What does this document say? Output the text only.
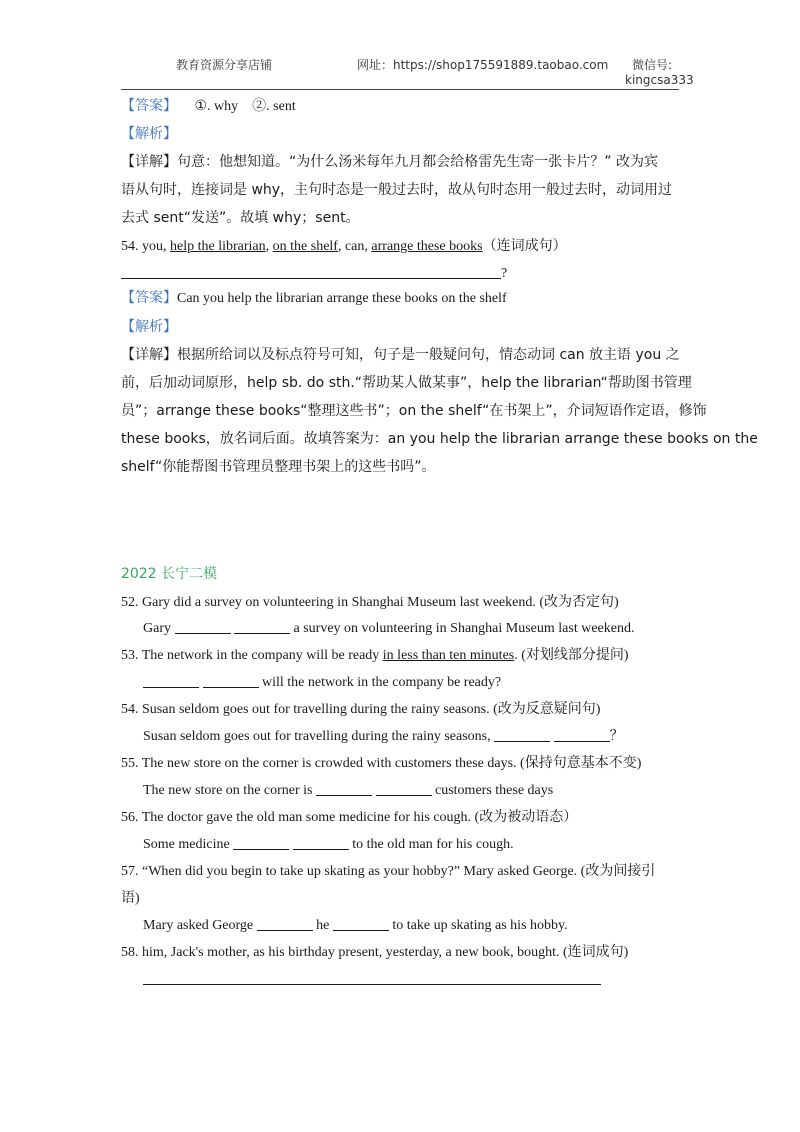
教育资源分享店铺	网址：https://shop175591889.taobao.com 微信号:
kingcsa333
【答案】 ①. why　②. sent
【解析】
【详解】句意：他想知道。“为什么汤米每年九月都会给格雷先生寄一张卡片？” 改为宾
语从句时，连接词是 why，主句时态是一般过去时，故从句时态用一般过去时，动词用过
去式 sent“发送”。故填 why；sent。
54. you, help the librarian, on the shelf, can, arrange these books（连词成句）
?
【答案】Can you help the librarian arrange these books on the shelf
【解析】
【详解】根据所给词以及标点符号可知，句子是一般疑问句，情态动词 can 放主语 you 之
前，后加动词原形，help sb. do sth.“帮助某人做某事”，help the librarian“帮助图书管理
员”；arrange these books“整理这些书”；on the shelf“在书架上”，介词短语作定语，修饰
these books，放名词后面。故填答案为：an you help the librarian arrange these books on the
shelf“你能帮图书管理员整理书架上的这些书吗”。
2022 长宁二模
52. Gary did a survey on volunteering in Shanghai Museum last weekend. (改为否定句)
Gary	a survey on volunteering in Shanghai Museum last weekend.
53. The network in the company will be ready in less than ten minutes. (对划线部分提问)
will the network in the company be ready?
54. Susan seldom goes out for travelling during the rainy seasons. (改为反意疑问句)
Susan seldom goes out for travelling during the rainy seasons,	？
55. The new store on the corner is crowded with customers these days. (保持句意基本不变)
The new store on the corner is	customers these days
56. The doctor gave the old man some medicine for his cough. (改为被动语态）
Some medicine	to the old man for his cough.
57. “When did you begin to take up skating as your hobby?” Mary asked George. (改为间接引
语)
Mary asked George	he	to take up skating as his hobby.
58. him, Jack's mother, as his birthday present, yesterday, a new book, bought. (连词成句)
